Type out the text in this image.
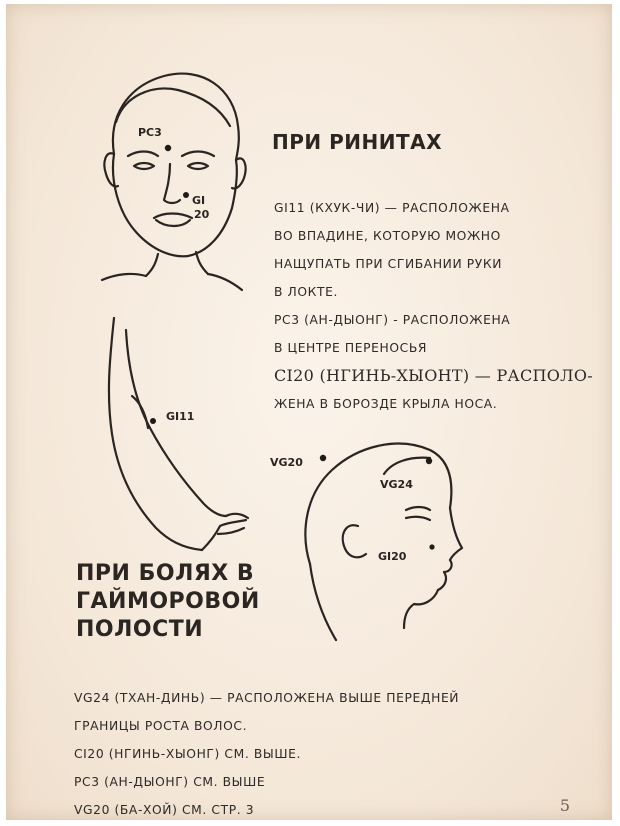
PC3
GI
20
GI11
VG20
VG24
GI20
ПРИ РИНИТАХ
GI11 (КХУК-ЧИ) — РАСПОЛОЖЕНА
ВО ВПАДИНЕ, КОТОРУЮ МОЖНО
НАЩУПАТЬ ПРИ СГИБАНИИ РУКИ
В ЛОКТЕ.
РС3 (АН-ДЫОНГ) - РАСПОЛОЖЕНА
В ЦЕНТРЕ ПЕРЕНОСЬЯ
CI20 (НГИНЬ-ХЫОНТ) — РАСПОЛО-
ЖЕНА В БОРОЗДЕ КРЫЛА НОСА.
ПРИ БОЛЯХ В
ГАЙМОРОВОЙ
ПОЛОСТИ
VG24 (ТХАН-ДИНЬ) — РАСПОЛОЖЕНА ВЫШЕ ПЕРЕДНЕЙ
ГРАНИЦЫ РОСТА ВОЛОС.
CI20 (НГИНЬ-ХЫОНГ) СМ. ВЫШЕ.
РС3 (АН-ДЫОНГ) СМ. ВЫШЕ
VG20 (БА-ХОЙ) СМ. СТР. 3	5
